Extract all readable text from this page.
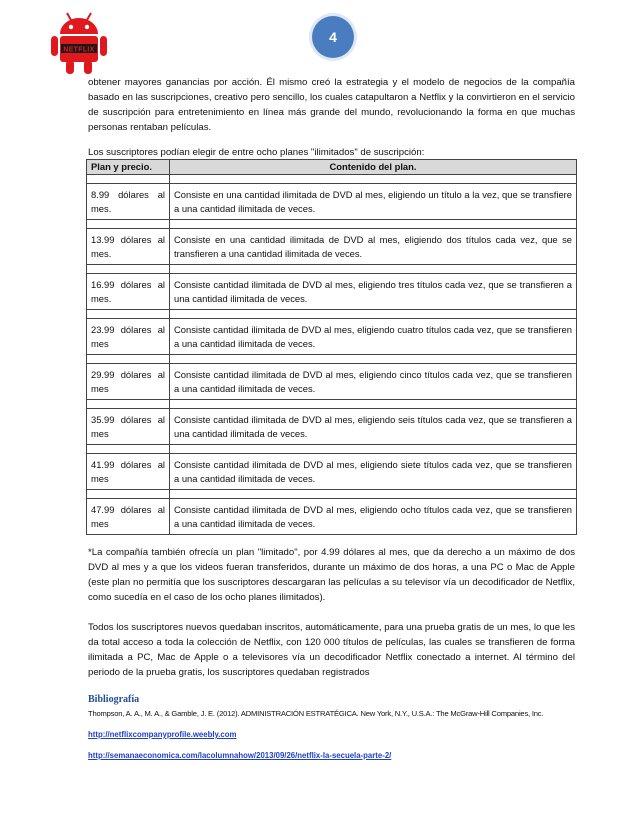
NETFLIX
4

obtener mayores ganancias por acción. Él mismo creó la estrategia y el modelo de negocios de la compañía basado en las suscripciones, creativo pero sencillo, los cuales catapultaron a Netflix y la convirtieron en el servicio de suscripción para entretenimiento en línea más grande del mundo, revolucionando la forma en que muchas personas rentaban películas.

Los suscriptores podían elegir de entre ocho planes "ilimitados" de suscripción:

Plan y precio.	Contenido del plan.

8.99 dólares al mes.	Consiste en una cantidad ilimitada de DVD al mes, eligiendo un título a la vez, que se transfiere a una cantidad ilimitada de veces.

13.99 dólares al mes.	Consiste en una cantidad ilimitada de DVD al mes, eligiendo dos títulos cada vez, que se transfieren a una cantidad ilimitada de veces.

16.99 dólares al mes.	Consiste cantidad ilimitada de DVD al mes, eligiendo tres títulos cada vez, que se transfieren a una cantidad ilimitada de veces.

23.99 dólares al mes	Consiste cantidad ilimitada de DVD al mes, eligiendo cuatro títulos cada vez, que se transfieren a una cantidad ilimitada de veces.

29.99 dólares al mes	Consiste cantidad ilimitada de DVD al mes, eligiendo cinco títulos cada vez, que se transfieren a una cantidad ilimitada de veces.

35.99 dólares al mes	Consiste cantidad ilimitada de DVD al mes, eligiendo seis títulos cada vez, que se transfieren a una cantidad ilimitada de veces.

41.99 dólares al mes	Consiste cantidad ilimitada de DVD al mes, eligiendo siete títulos cada vez, que se transfieren a una cantidad ilimitada de veces.

47.99 dólares al mes	Consiste cantidad ilimitada de DVD al mes, eligiendo ocho títulos cada vez, que se transfieren a una cantidad ilimitada de veces.

*La compañía también ofrecía un plan "limitado", por 4.99 dólares al mes, que da derecho a un máximo de dos DVD al mes y a que los videos fueran transferidos, durante un máximo de dos horas, a una PC o Mac de Apple (este plan no permitía que los suscriptores descargaran las películas a su televisor vía un decodificador de Netflix, como sucedía en el caso de los ocho planes ilimitados).

Todos los suscriptores nuevos quedaban inscritos, automáticamente, para una prueba gratis de un mes, lo que les da total acceso a toda la colección de Netflix, con 120 000 títulos de películas, las cuales se transfieren de forma ilimitada a PC, Mac de Apple o a televisores vía un decodificador Netflix conectado a internet. Al término del periodo de la prueba gratis, los suscriptores quedaban registrados

Bibliografía

Thompson, A. A., M. A., & Gamble, J. E. (2012). ADMINISTRACIÓN ESTRATÉGICA. New York, N.Y., U.S.A.: The McGraw-Hill Companies, Inc.

http://netflixcompanyprofile.weebly.com
http://semanaeconomica.com/lacolumnahow/2013/09/26/netflix-la-secuela-parte-2/
